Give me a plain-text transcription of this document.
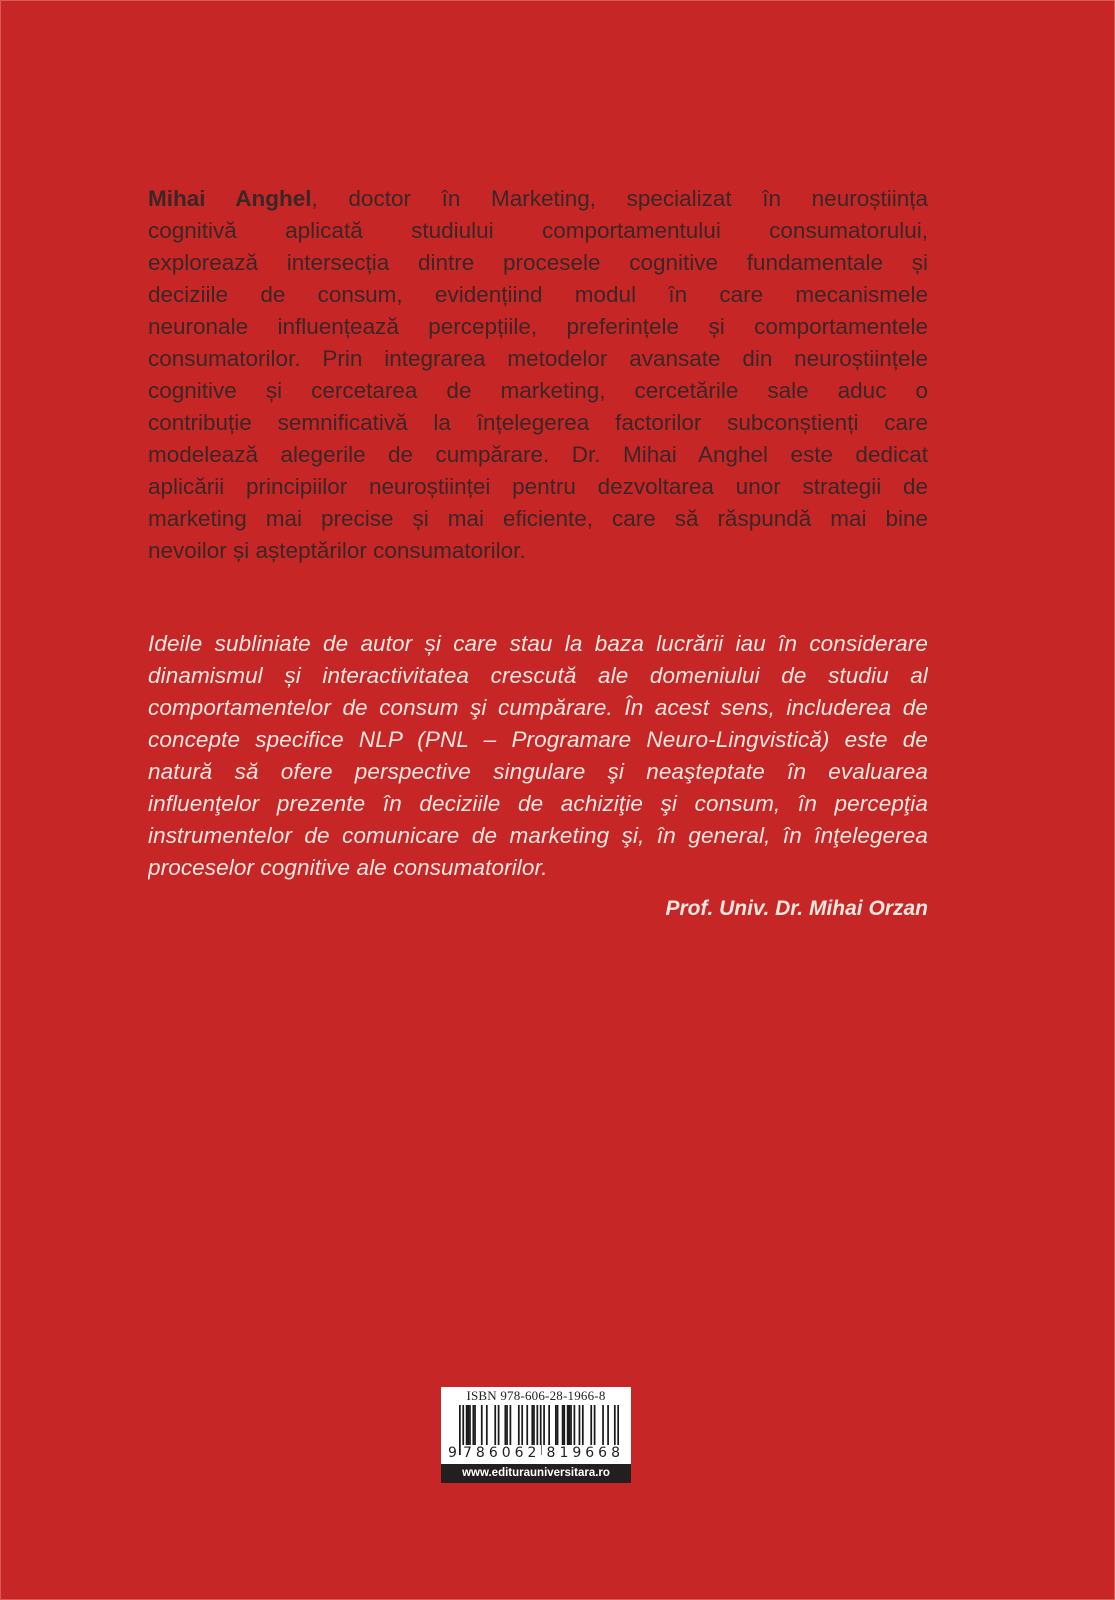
Mihai Anghel, doctor în Marketing, specializat în neuroștiința
cognitivă aplicată studiului comportamentului consumatorului,
explorează intersecția dintre procesele cognitive fundamentale și
deciziile de consum, evidențiind modul în care mecanismele
neuronale influențează percepțiile, preferințele și comportamentele
consumatorilor. Prin integrarea metodelor avansate din neuroștiințele
cognitive și cercetarea de marketing, cercetările sale aduc o
contribuție semnificativă la înțelegerea factorilor subconștienți care
modelează alegerile de cumpărare. Dr. Mihai Anghel este dedicat
aplicării principiilor neuroștiinței pentru dezvoltarea unor strategii de
marketing mai precise și mai eficiente, care să răspundă mai bine
nevoilor și așteptărilor consumatorilor.
Ideile subliniate de autor și care stau la baza lucrării iau în considerare
dinamismul și interactivitatea crescută ale domeniului de studiu al
comportamentelor de consum şi cumpărare. În acest sens, includerea de
concepte specifice NLP (PNL – Programare Neuro-Lingvistică) este de
natură să ofere perspective singulare şi neaşteptate în evaluarea
influenţelor prezente în deciziile de achiziţie şi consum, în percepţia
instrumentelor de comunicare de marketing şi, în general, în înţelegerea
proceselor cognitive ale consumatorilor.
Prof. Univ. Dr. Mihai Orzan
ISBN 978-606-28-1966-8
9 786062 819668
www.editurauniversitara.ro
